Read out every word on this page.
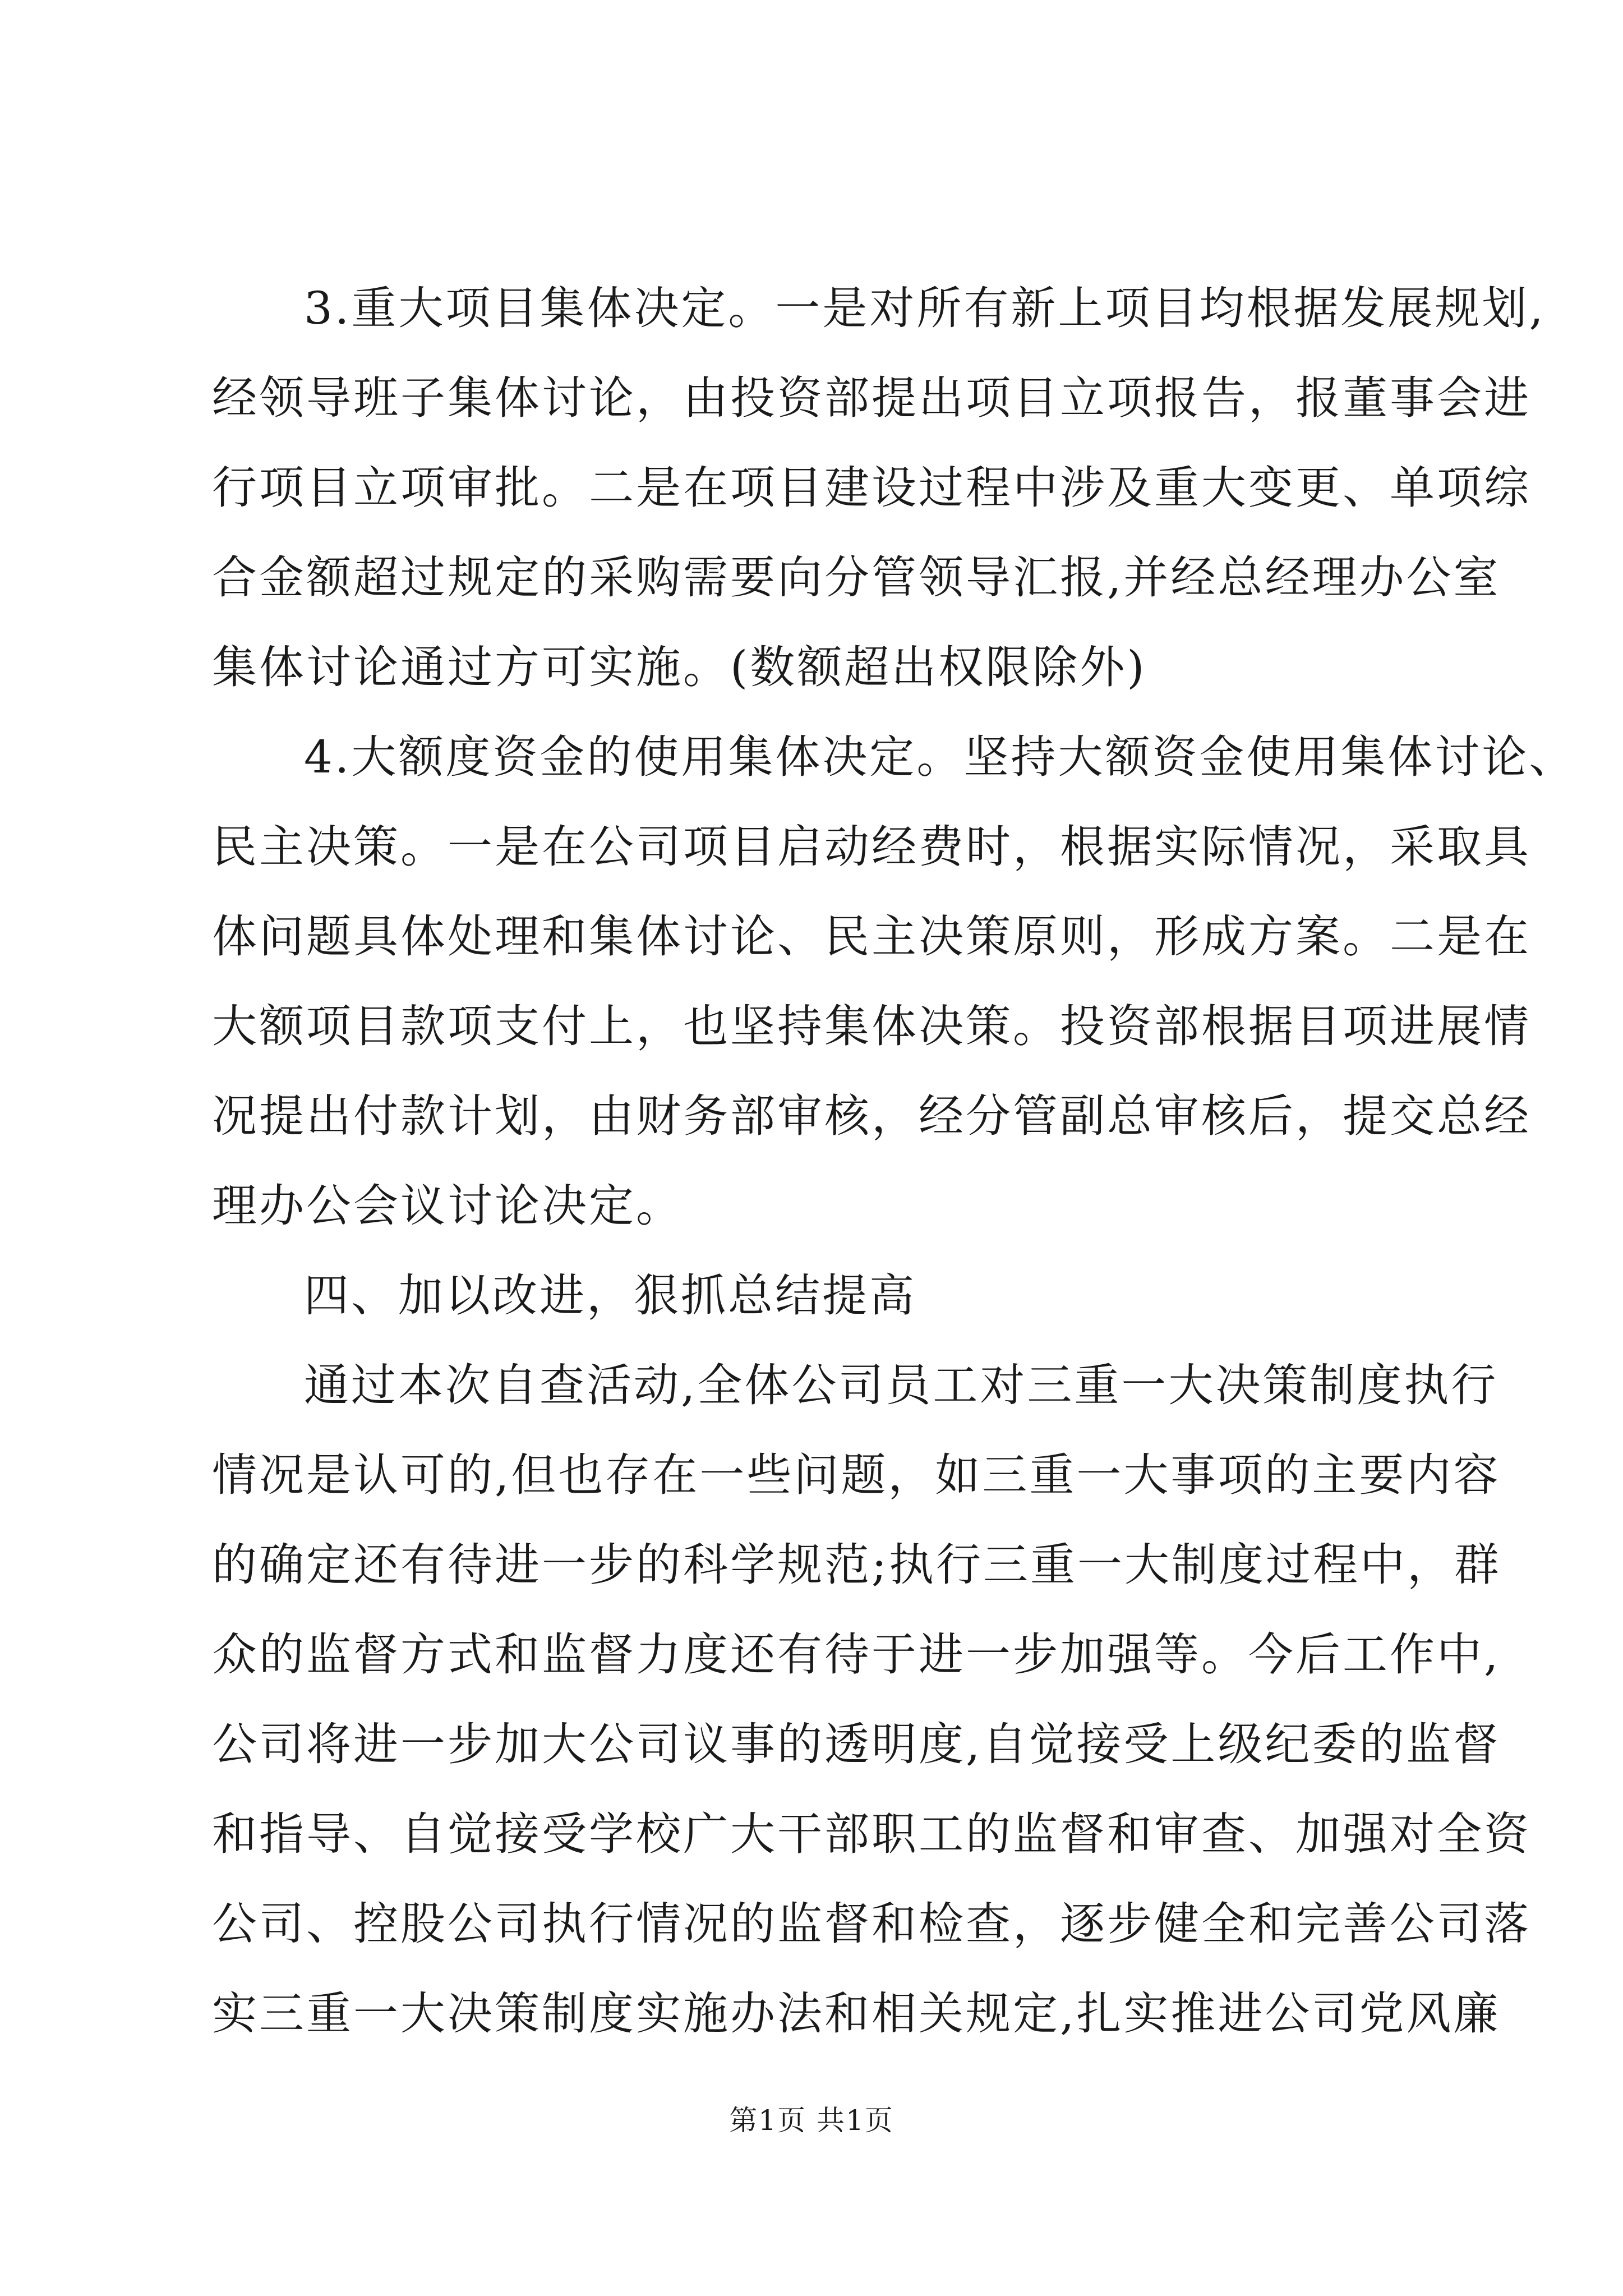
3.重大项目集体决定。一是对所有新上项目均根据发展规划,
经领导班子集体讨论，由投资部提出项目立项报告，报董事会进
行项目立项审批。二是在项目建设过程中涉及重大变更、单项综
合金额超过规定的采购需要向分管领导汇报,并经总经理办公室
集体讨论通过方可实施。(数额超出权限除外)
4.大额度资金的使用集体决定。坚持大额资金使用集体讨论、
民主决策。一是在公司项目启动经费时，根据实际情况，采取具
体问题具体处理和集体讨论、民主决策原则，形成方案。二是在
大额项目款项支付上，也坚持集体决策。投资部根据目项进展情
况提出付款计划，由财务部审核，经分管副总审核后，提交总经
理办公会议讨论决定。
四、加以改进，狠抓总结提高
通过本次自查活动,全体公司员工对三重一大决策制度执行
情况是认可的,但也存在一些问题，如三重一大事项的主要内容
的确定还有待进一步的科学规范;执行三重一大制度过程中，群
众的监督方式和监督力度还有待于进一步加强等。今后工作中,
公司将进一步加大公司议事的透明度,自觉接受上级纪委的监督
和指导、自觉接受学校广大干部职工的监督和审查、加强对全资
公司、控股公司执行情况的监督和检查，逐步健全和完善公司落
实三重一大决策制度实施办法和相关规定,扎实推进公司党风廉
第1页 共1页
